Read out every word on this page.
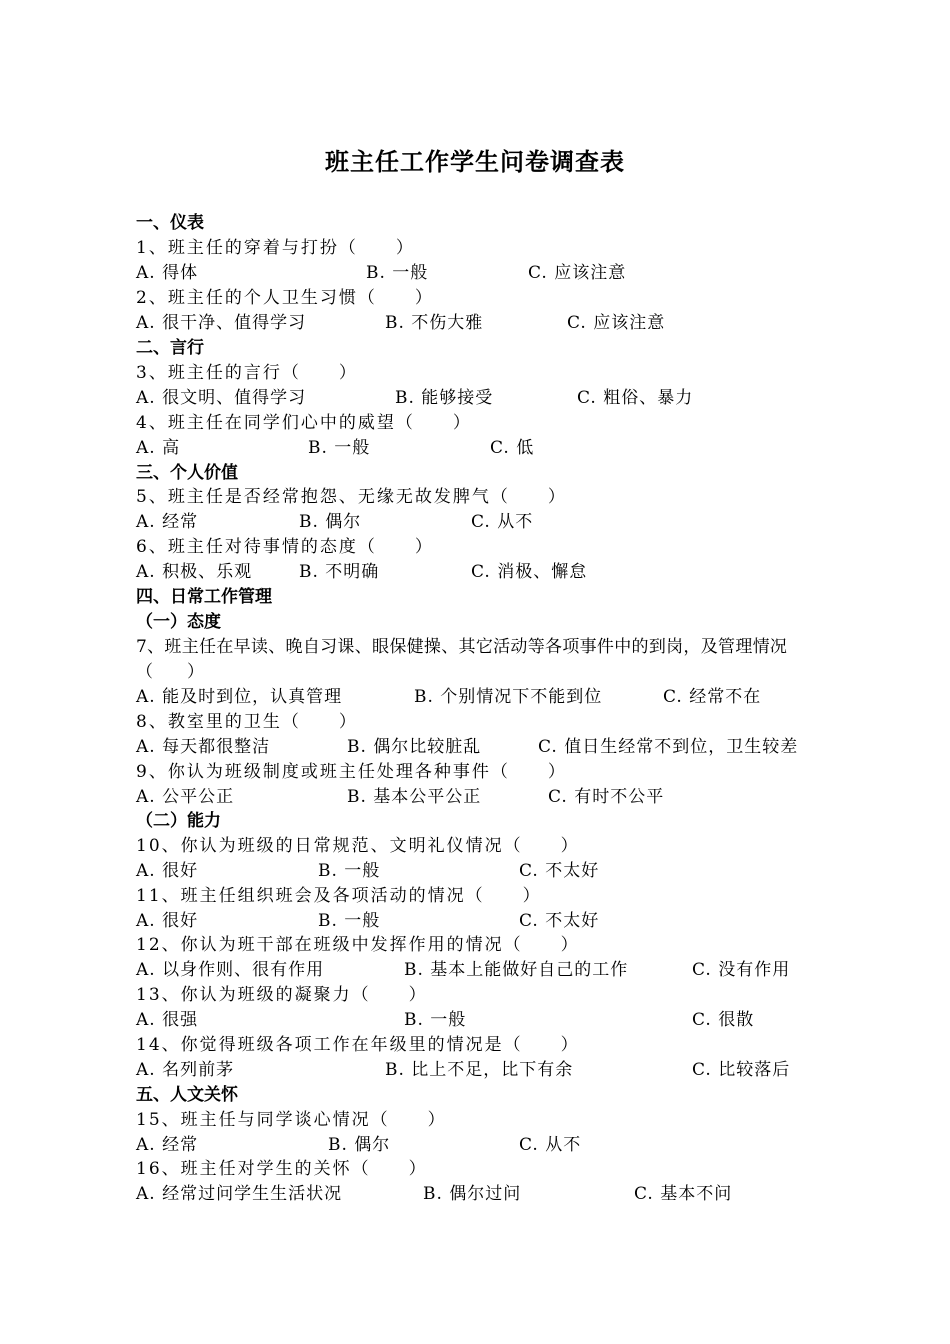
班主任工作学生问卷调查表
一、仪表
1、班主任的穿着与打扮（　　）
A. 得体	B. 一般	C. 应该注意
2、班主任的个人卫生习惯（　　）
A. 很干净、值得学习	B. 不伤大雅	C. 应该注意
二、言行
3、班主任的言行（　　）
A. 很文明、值得学习	B. 能够接受	C. 粗俗、暴力
4、班主任在同学们心中的威望（　　）
A. 高	B. 一般	C. 低
三、个人价值
5、班主任是否经常抱怨、无缘无故发脾气（　　）
A. 经常	B. 偶尔	C. 从不
6、班主任对待事情的态度（　　）
A. 积极、乐观	B. 不明确	C. 消极、懈怠
四、日常工作管理
（一）态度
7、班主任在早读、晚自习课、眼保健操、其它活动等各项事件中的到岗，及管理情况
（　　）
A. 能及时到位，认真管理	B. 个别情况下不能到位	C. 经常不在
8、教室里的卫生（　　）
A. 每天都很整洁	B. 偶尔比较脏乱	C. 值日生经常不到位，卫生较差
9、你认为班级制度或班主任处理各种事件（　　）
A. 公平公正	B. 基本公平公正	C. 有时不公平
（二）能力
10、你认为班级的日常规范、文明礼仪情况（　　）
A. 很好	B. 一般	C. 不太好
11、班主任组织班会及各项活动的情况（　　）
A. 很好	B. 一般	C. 不太好
12、你认为班干部在班级中发挥作用的情况（　　）
A. 以身作则、很有作用	B. 基本上能做好自己的工作	C. 没有作用
13、你认为班级的凝聚力（　　）
A. 很强	B. 一般	C. 很散
14、你觉得班级各项工作在年级里的情况是（　　）
A. 名列前茅	B. 比上不足，比下有余	C. 比较落后
五、人文关怀
15、班主任与同学谈心情况（　　）
A. 经常	B. 偶尔	C. 从不
16、班主任对学生的关怀（　　）
A. 经常过问学生生活状况	B. 偶尔过问	C. 基本不问
